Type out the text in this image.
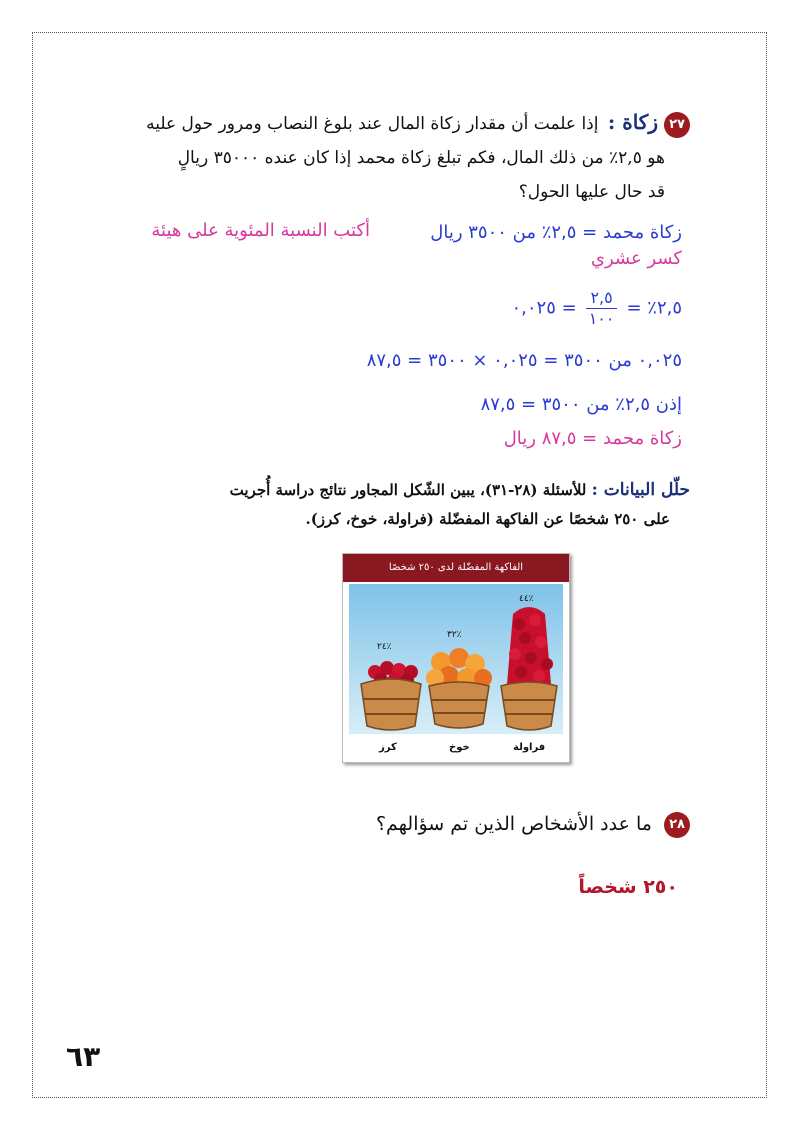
٢٧زكاة : إذا علمت أن مقدار زكاة المال عند بلوغ النصاب ومرور حول عليه
هو ٢,٥٪ من ذلك المال، فكم تبلغ زكاة محمد إذا كان عنده ٣٥٠٠٠ ريالٍ
قد حال عليها الحول؟
زكاة محمد = ٢,٥٪ من ٣٥٠٠ ريال
أكتب النسبة المئوية على هيئة
كسر عشري
٢,٥٪ =
$\frac{٢,٥}{١٠٠}$
= ٠,٠٢٥
٠,٠٢٥ من ٣٥٠٠ = ٠,٠٢٥ × ٣٥٠٠ = ٨٧,٥
إذن ٢,٥٪ من ٣٥٠٠ = ٨٧,٥
زكاة محمد = ٨٧,٥ ريال
حلّل البيانات : للأسئلة (٢٨-٣١)، يبين الشّكل المجاور نتائج دراسة أُجريت
على ٢٥٠ شخصًا عن الفاكهة المفضّلة (فراولة، خوخ، كرز).
الفاكهة المفضّلة لدى ٢٥٠ شخصًا
٢٤٪
٣٢٪
٤٤٪
كرز	خوخ	فراولة
٢٨ ما عدد الأشخاص الذين تم سؤالهم؟
٢٥٠ شخصاً
٦٣
